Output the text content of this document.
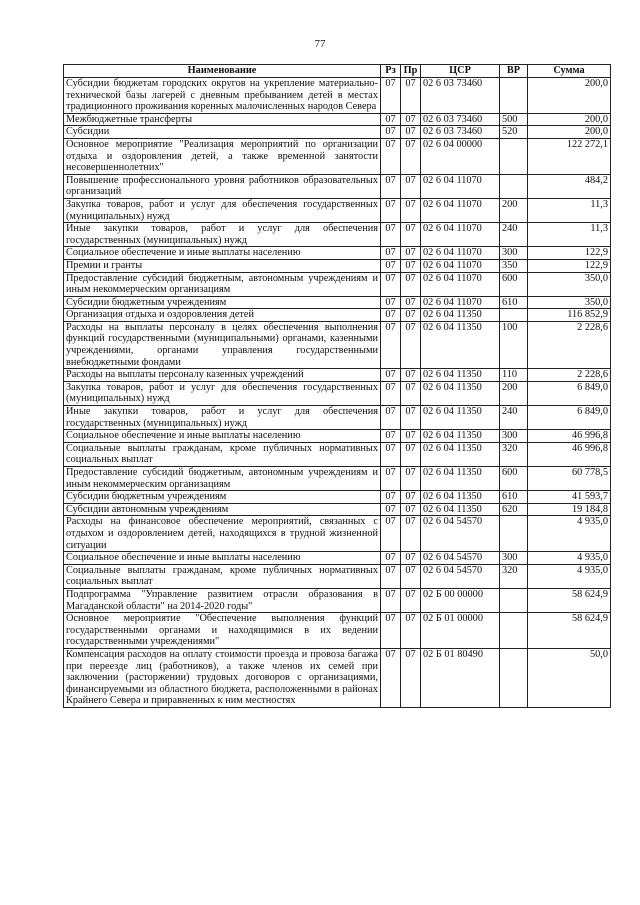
77
Наименование	Рз	Пр	ЦСР	ВР	Сумма
Субсидии бюджетам городских округов на укрепление материально-технической базы лагерей с дневным пребыванием детей в местах традиционного проживания коренных малочисленных народов Севера	07	07	02 6 03 73460		200,0
Межбюджетные трансферты	07	07	02 6 03 73460	500	200,0
Субсидии	07	07	02 6 03 73460	520	200,0
Основное мероприятие "Реализация мероприятий по организации отдыха и оздоровления детей, а также временной занятости несовершеннолетних"	07	07	02 6 04 00000		122 272,1
Повышение профессионального уровня работников образовательных организаций	07	07	02 6 04 11070		484,2
Закупка товаров, работ и услуг для обеспечения государственных (муниципальных) нужд	07	07	02 6 04 11070	200	11,3
Иные закупки товаров, работ и услуг для обеспечения государственных (муниципальных) нужд	07	07	02 6 04 11070	240	11,3
Социальное обеспечение и иные выплаты населению	07	07	02 6 04 11070	300	122,9
Премии и гранты	07	07	02 6 04 11070	350	122,9
Предоставление субсидий бюджетным, автономным учреждениям и иным некоммерческим организациям	07	07	02 6 04 11070	600	350,0
Субсидии бюджетным учреждениям	07	07	02 6 04 11070	610	350,0
Организация отдыха и оздоровления детей	07	07	02 6 04 11350		116 852,9
Расходы на выплаты персоналу в целях обеспечения выполнения функций государственными (муниципальными) органами, казенными учреждениями, органами управления государственными внебюджетными фондами	07	07	02 6 04 11350	100	2 228,6
Расходы на выплаты персоналу казенных учреждений	07	07	02 6 04 11350	110	2 228,6
Закупка товаров, работ и услуг для обеспечения государственных (муниципальных) нужд	07	07	02 6 04 11350	200	6 849,0
Иные закупки товаров, работ и услуг для обеспечения государственных (муниципальных) нужд	07	07	02 6 04 11350	240	6 849,0
Социальное обеспечение и иные выплаты населению	07	07	02 6 04 11350	300	46 996,8
Социальные выплаты гражданам, кроме публичных нормативных социальных выплат	07	07	02 6 04 11350	320	46 996,8
Предоставление субсидий бюджетным, автономным учреждениям и иным некоммерческим организациям	07	07	02 6 04 11350	600	60 778,5
Субсидии бюджетным учреждениям	07	07	02 6 04 11350	610	41 593,7
Субсидии автономным учреждениям	07	07	02 6 04 11350	620	19 184,8
Расходы на финансовое обеспечение мероприятий, связанных с отдыхом и оздоровлением детей, находящихся в трудной жизненной ситуации	07	07	02 6 04 54570		4 935,0
Социальное обеспечение и иные выплаты населению	07	07	02 6 04 54570	300	4 935,0
Социальные выплаты гражданам, кроме публичных нормативных социальных выплат	07	07	02 6 04 54570	320	4 935,0
Подпрограмма "Управление развитием отрасли образования в Магаданской области" на 2014-2020 годы"	07	07	02 Б 00 00000		58 624,9
Основное мероприятие "Обеспечение выполнения функций государственными органами и находящимися в их ведении государственными учреждениями"	07	07	02 Б 01 00000		58 624,9
Компенсация расходов на оплату стоимости проезда и провоза багажа при переезде лиц (работников), а также членов их семей при заключении (расторжении) трудовых договоров с организациями, финансируемыми из областного бюджета, расположенными в районах Крайнего Севера и приравненных к ним местностях	07	07	02 Б 01 80490		50,0
